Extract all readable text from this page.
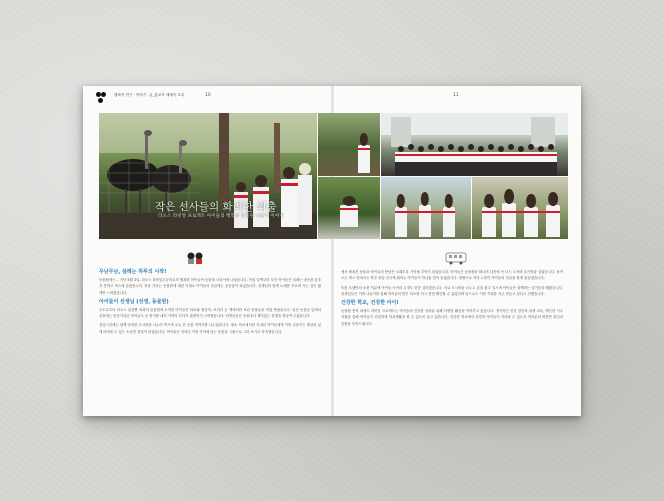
행복이 연구 · 이야기 글_홍보부 세계속 초록	10	11
작은 선사들의 화려한 외출
라오스 라비앙 프로젝트 아이들의 행복한 동물원 나들이 이야기
무난무난, 설레는 하루의 시작!

동물원에는... 지난 5월 3일, 라오스 라비앙초등학교의 행복한 아이들이 동물원 나들이에 나섰습니다. 아침 일찍부터 모인 아이들은 설레는 마음을 감추지 못하고 버스에 올랐습니다. 처음 가보는 동물원에 대한 기대로 아이들의 얼굴에는 웃음꽃이 피었습니다. 선생님과 함께 노래를 부르며 가는 길은 짧게만 느껴졌습니다.

아이들이 선생님 (선생, 동물원)

주도로부터 라오스 위앙짠 외곽의 동물원에 도착한 아이들은 타조와 원숭이, 코끼리 등 책에서만 보던 동물들을 직접 만났습니다. 낯선 동물들 앞에서 처음에는 머뭇거리던 아이들도 곧 용기를 내어 가까이 다가가 관찰하기 시작했습니다. 선생님들은 동물마다 재미있는 설명을 곁들여 주었습니다.

점심시간에는 함께 준비한 도시락을 나누어 먹으며 오늘 본 동물 이야기를 나누었습니다. 평소 학교에서만 지내던 아이들에게 이번 나들이는 세상을 넓게 바라볼 수 있는 소중한 경험이 되었습니다. 아이들은 저마다 가장 기억에 남는 동물을 그림으로 그려 보기로 약속했습니다.

에서 펼쳐진 동물과 아이들의 만남은 오래도록 기억될 추억이 되었습니다. 아이들은 동물원을 떠나며 다음에 꼭 다시 오자며 손가락을 걸었습니다. 돌아오는 버스 안에서는 하루 종일 신나게 뛰어논 아이들이 하나둘 잠이 들었습니다. 창밖으로 저녁 노을이 아이들의 얼굴을 붉게 물들였습니다.

또한 오랜만의 소풍 덕분에 아이들 사이의 우정도 한층 깊어졌습니다. 서로 도시락을 나누고 손을 잡고 걸으며 아이들은 함께하는 즐거움을 배웠습니다. 선생님들은 이번 나들이를 통해 아이들의 밝은 미소를 다시 한번 확인할 수 있었다며 앞으로도 이런 기회를 자주 만들고 싶다고 전했습니다.

건강한 학교, 건강한 아이!

동물원 견학 외에도 라비앙 프로젝트는 아이들의 건강한 성장을 위해 다양한 활동을 이어가고 있습니다. 정기적인 건강 검진과 위생 교육, 깨끗한 식수 지원을 통해 아이들이 건강하게 학교생활을 할 수 있도록 돕고 있습니다. 건강한 학교에서 건강한 아이들이 자라날 수 있도록 여러분의 따뜻한 관심과 응원을 부탁드립니다.
